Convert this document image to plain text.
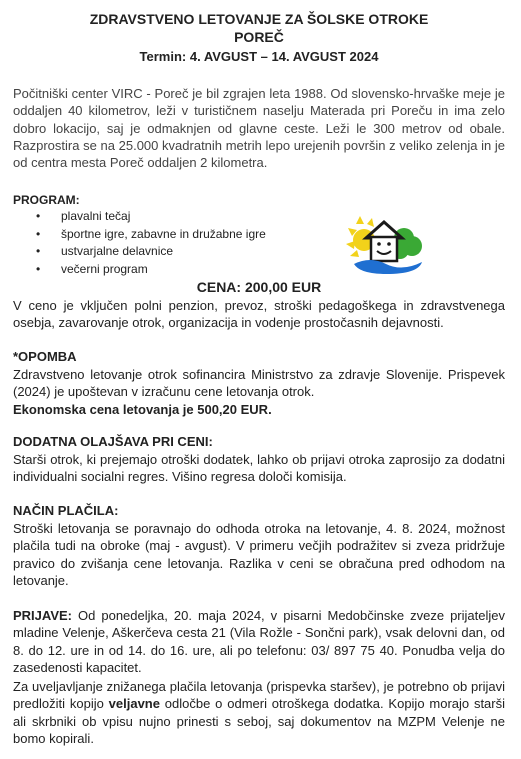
ZDRAVSTVENO LETOVANJE ZA ŠOLSKE OTROKE
POREČ
Termin: 4. AVGUST – 14. AVGUST 2024

Počitniški center VIRC - Poreč je bil zgrajen leta 1988. Od slovensko-hrvaške meje je oddaljen 40 kilometrov, leži v turističnem naselju Materada pri Poreču in ima zelo dobro lokacijo, saj je odmaknjen od glavne ceste. Leži le 300 metrov od obale. Razprostira se na 25.000 kvadratnih metrih lepo urejenih površin z veliko zelenja in je od centra mesta Poreč oddaljen 2 kilometra.

PROGRAM:
• plavalni tečaj
• športne igre, zabavne in družabne igre
• ustvarjalne delavnice
• večerni program
CENA: 200,00 EUR

V ceno je vključen polni penzion, prevoz, stroški pedagoškega in zdravstvenega osebja, zavarovanje otrok, organizacija in vodenje prostočasnih dejavnosti.

*OPOMBA

Zdravstveno letovanje otrok sofinancira Ministrstvo za zdravje Slovenije. Prispevek (2024) je upoštevan v izračunu cene letovanja otrok.

Ekonomska cena letovanja je 500,20 EUR.

DODATNA OLAJŠAVA PRI CENI:

Starši otrok, ki prejemajo otroški dodatek, lahko ob prijavi otroka zaprosijo za dodatni individualni socialni regres. Višino regresa določi komisija.

NAČIN PLAČILA:

Stroški letovanja se poravnajo do odhoda otroka na letovanje, 4. 8. 2024, možnost plačila tudi na obroke (maj - avgust). V primeru večjih podražitev si zveza pridržuje pravico do zvišanja cene letovanja. Razlika v ceni se obračuna pred odhodom na letovanje.

PRIJAVE: Od ponedeljka, 20. maja 2024, v pisarni Medobčinske zveze prijateljev mladine Velenje, Aškerčeva cesta 21 (Vila Rožle - Sončni park), vsak delovni dan, od 8. do 12. ure in od 14. do 16. ure, ali po telefonu: 03/ 897 75 40. Ponudba velja do zasedenosti kapacitet.

Za uveljavljanje znižanega plačila letovanja (prispevka staršev), je potrebno ob prijavi predložiti kopijo veljavne odločbe o odmeri otroškega dodatka. Kopijo morajo starši ali skrbniki ob vpisu nujno prinesti s seboj, saj dokumentov na MZPM Velenje ne bomo kopirali.
